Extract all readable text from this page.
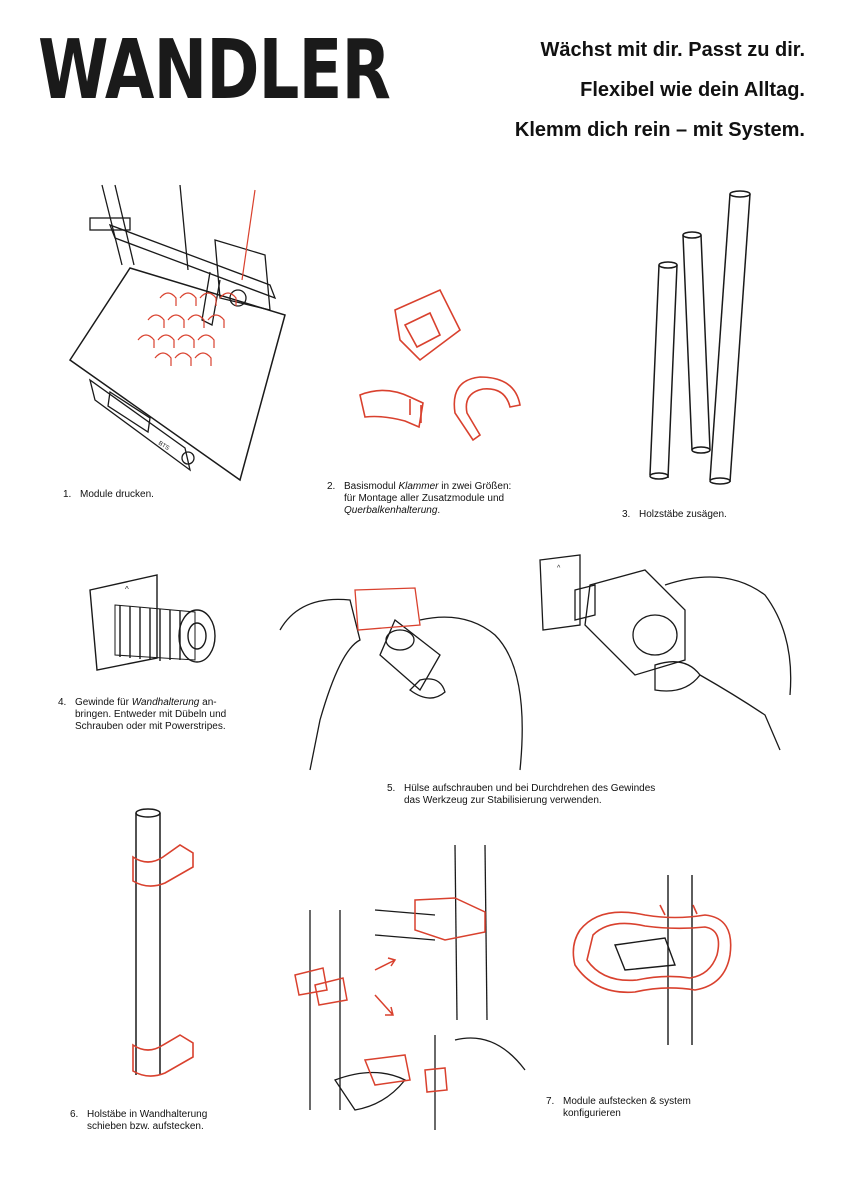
WANDLER	Wächst mit dir. Passt zu dir.
Flexibel wie dein Alltag.
Klemm dich rein – mit System.
BTS
^
^
1. Module drucken.
2. Basismodul Klammer in zwei Größen:
für Montage aller Zusatzmodule und
Querbalkenhalterung.	3. Holzstäbe zusägen.
4. Gewinde für Wandhalterung an-
bringen. Entweder mit Dübeln und
Schrauben oder mit Powerstripes.
5. Hülse aufschrauben und bei Durchdrehen des Gewindes
das Werkzeug zur Stabilisierung verwenden.
6. Holstäbe in Wandhalterung
schieben bzw. aufstecken.
7. Module aufstecken & system
konfigurieren
